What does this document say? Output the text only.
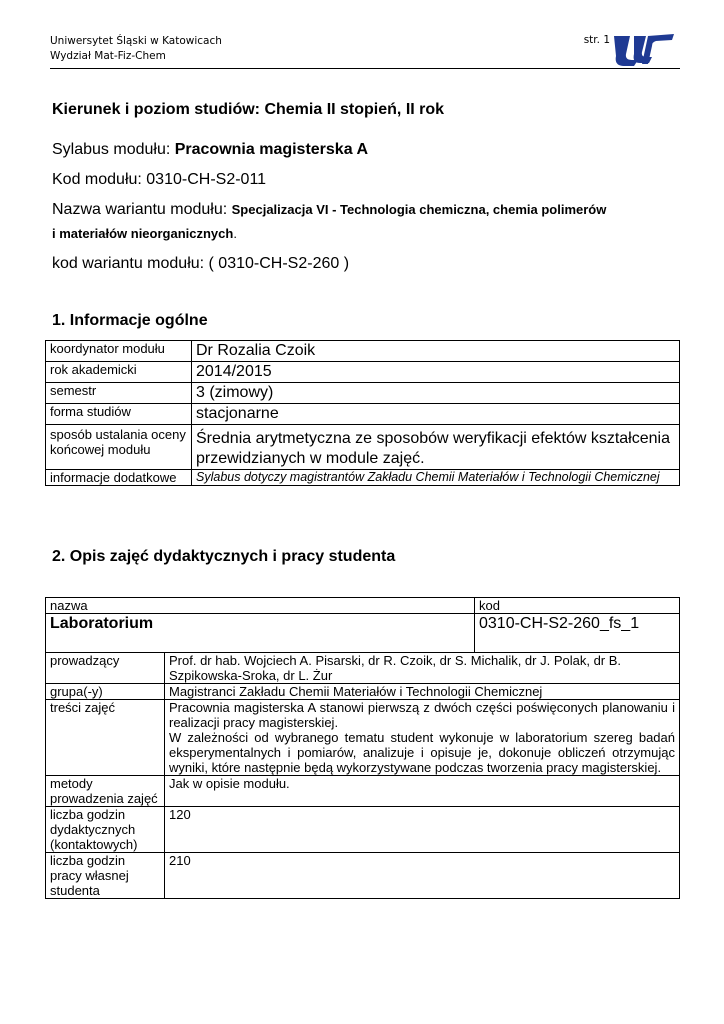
Uniwersytet Śląski w Katowicach
Wydział Mat-Fiz-Chem
str. 1
Kierunek i poziom studiów: Chemia II stopień, II rok
Sylabus modułu: Pracownia magisterska A
Kod modułu: 0310-CH-S2-011
Nazwa wariantu modułu: Specjalizacja VI - Technologia chemiczna, chemia polimerów
i materiałów nieorganicznych.
kod wariantu modułu: ( 0310-CH-S2-260 )
1. Informacje ogólne
koordynator modułu	Dr Rozalia Czoik
rok akademicki	2014/2015
semestr	3 (zimowy)
forma studiów	stacjonarne
sposób ustalania oceny końcowej modułu	Średnia arytmetyczna ze sposobów weryfikacji efektów kształcenia przewidzianych w module zajęć.
informacje dodatkowe	Sylabus dotyczy magistrantów Zakładu Chemii Materiałów i Technologii Chemicznej
2. Opis zajęć dydaktycznych i pracy studenta
nazwa		kod
Laboratorium		0310-CH-S2-260_fs_1
prowadzący	Prof. dr hab. Wojciech A. Pisarski, dr R. Czoik, dr S. Michalik, dr J. Polak, dr B. Szpikowska-Sroka, dr L. Żur	
grupa(-y)	Magistranci Zakładu Chemii Materiałów i Technologii Chemicznej	
treści zajęć	Pracownia magisterska A stanowi pierwszą z dwóch części poświęconych planowaniu i realizacji pracy magisterskiej.
W zależności od wybranego tematu student wykonuje w laboratorium szereg badań eksperymentalnych i pomiarów, analizuje i opisuje je, dokonuje obliczeń otrzymując wyniki, które następnie będą wykorzystywane podczas tworzenia pracy magisterskiej.	

metody prowadzenia zajęć	Jak w opisie modułu.	
liczba godzin dydaktycznych (kontaktowych)	120	
liczba godzin pracy własnej studenta	210	
